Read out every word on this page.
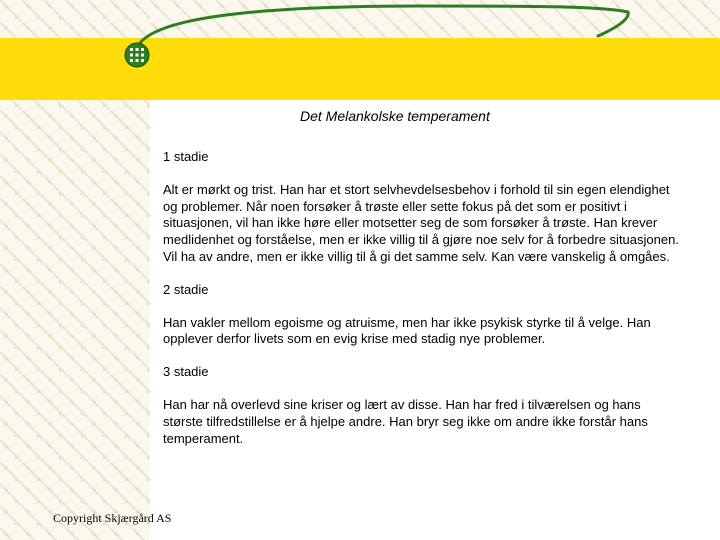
Det Melankolske temperament

1 stadie

Alt er mørkt og trist. Han har et stort selvhevdelsesbehov i forhold til sin egen elendighet og problemer. Når noen forsøker å trøste eller sette fokus på det som er positivt i situasjonen, vil han ikke høre eller motsetter seg de som forsøker å trøste. Han krever medlidenhet og forståelse, men er ikke villig til å gjøre noe selv for å forbedre situasjonen. Vil ha av andre, men er ikke villig til å gi det samme selv. Kan være vanskelig å omgåes.

2 stadie

Han vakler mellom egoisme og atruisme, men har ikke psykisk styrke til å velge. Han opplever derfor livets som en evig krise med stadig nye problemer.

3 stadie

Han har nå overlevd sine kriser og lært av disse. Han har fred i tilværelsen og hans største tilfredstillelse er å hjelpe andre. Han bryr seg ikke om andre ikke forstår hans temperament.

Copyright Skjærgård AS
